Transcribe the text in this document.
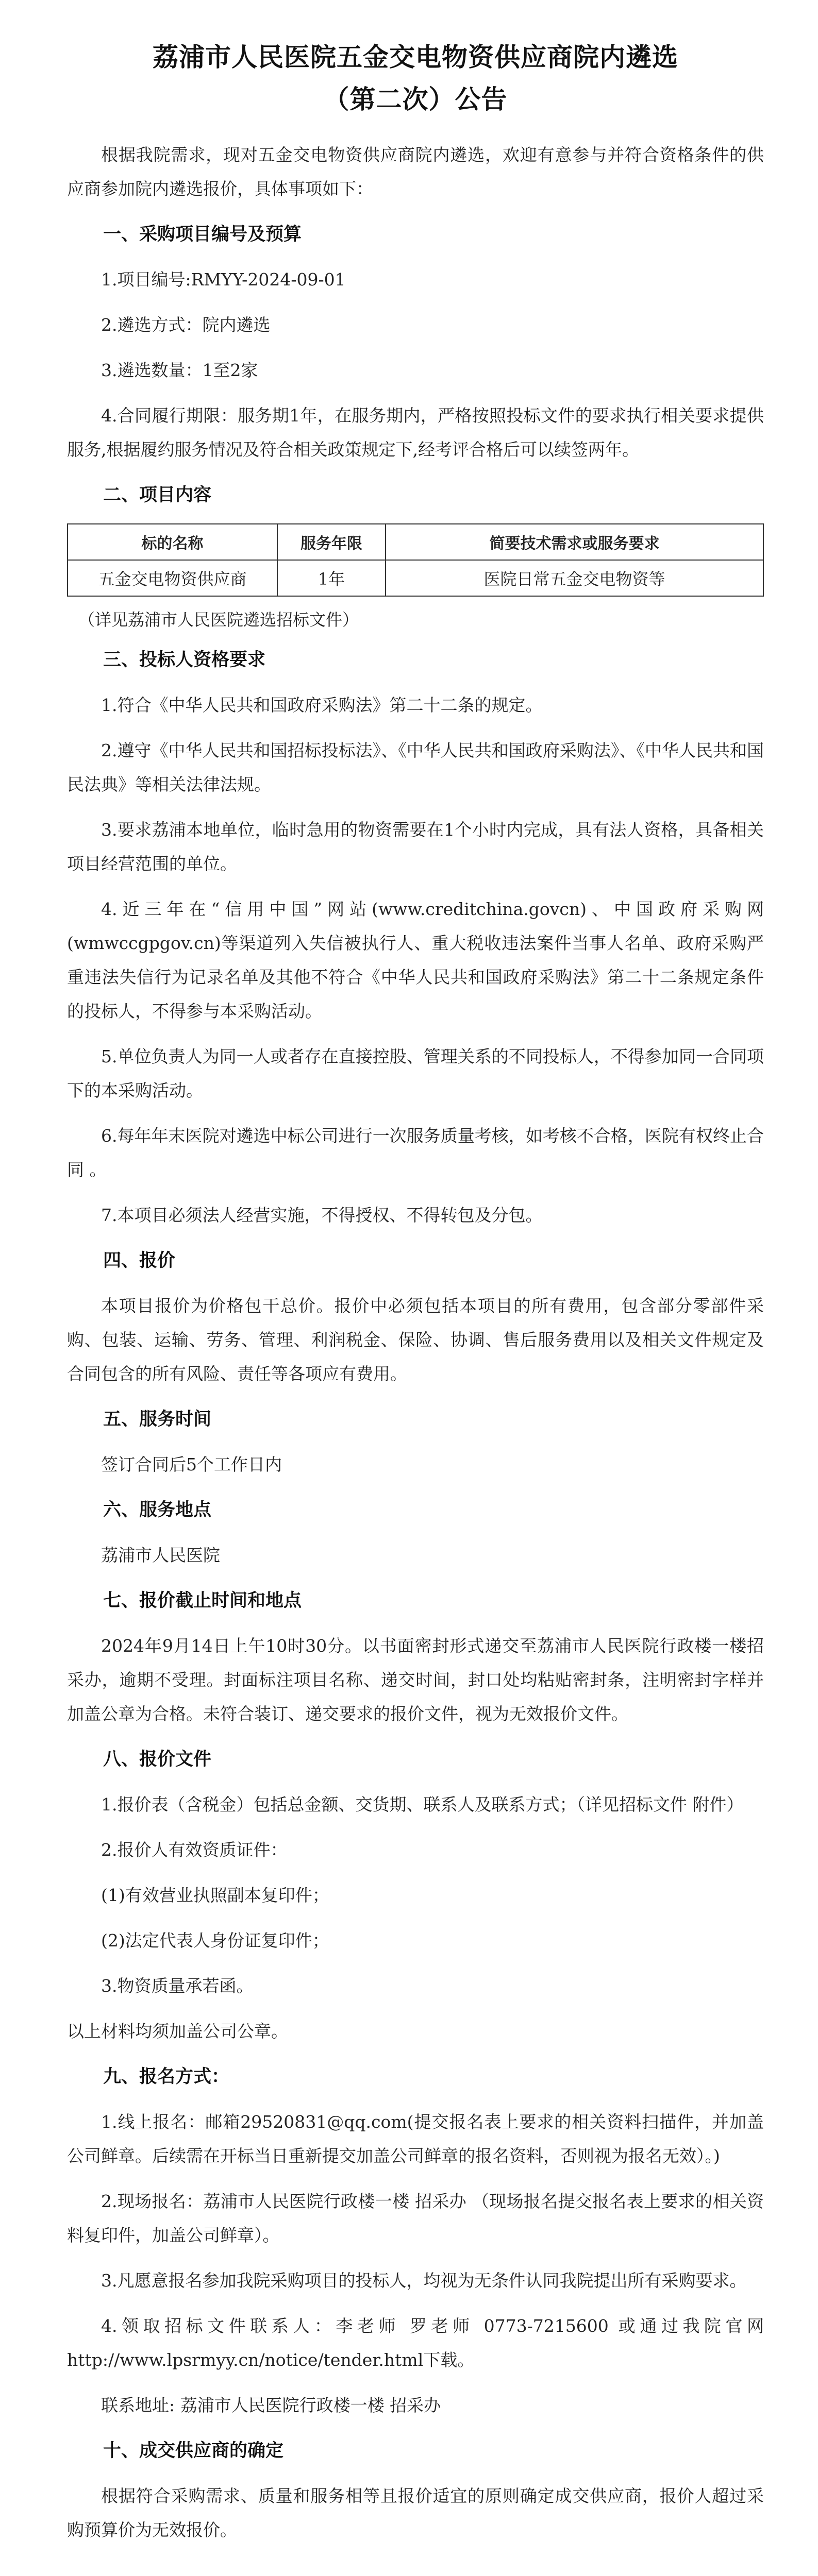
荔浦市人民医院五金交电物资供应商院内遴选
（第二次）公告

根据我院需求，现对五金交电物资供应商院内遴选，欢迎有意参与并符合资格条件的供应商参加院内遴选报价，具体事项如下：

一、采购项目编号及预算

1.项目编号:RMYY-2024-09-01

2.遴选方式：院内遴选

3.遴选数量：1至2家

4.合同履行期限：服务期1年，在服务期内，严格按照投标文件的要求执行相关要求提供服务,根据履约服务情况及符合相关政策规定下,经考评合格后可以续签两年。

二、项目内容
标的名称	服务年限	简要技术需求或服务要求
五金交电物资供应商	1年	医院日常五金交电物资等

（详见荔浦市人民医院遴选招标文件）

三、投标人资格要求

1.符合《中华人民共和国政府采购法》第二十二条的规定。

2.遵守《中华人民共和国招标投标法》、《中华人民共和国政府采购法》、《中华人民共和国民法典》等相关法律法规。

3.要求荔浦本地单位，临时急用的物资需要在1个小时内完成，具有法人资格，具备相关项目经营范围的单位。

4.近三年在“信用中国”网站(www.creditchina.govcn)、中国政府采购网(wmwccgpgov.cn)等渠道列入失信被执行人、重大税收违法案件当事人名单、政府采购严重违法失信行为记录名单及其他不符合《中华人民共和国政府采购法》第二十二条规定条件的投标人，不得参与本采购活动。

5.单位负责人为同一人或者存在直接控股、管理关系的不同投标人，不得参加同一合同项下的本采购活动。

6.每年年末医院对遴选中标公司进行一次服务质量考核，如考核不合格，医院有权终止合同 。

7.本项目必须法人经营实施，不得授权、不得转包及分包。

四、报价

本项目报价为价格包干总价。报价中必须包括本项目的所有费用，包含部分零部件采购、包装、运输、劳务、管理、利润税金、保险、协调、售后服务费用以及相关文件规定及合同包含的所有风险、责任等各项应有费用。

五、服务时间

签订合同后5个工作日内

六、服务地点

荔浦市人民医院

七、报价截止时间和地点

2024年9月14日上午10时30分。以书面密封形式递交至荔浦市人民医院行政楼一楼招采办，逾期不受理。封面标注项目名称、递交时间，封口处均粘贴密封条，注明密封字样并加盖公章为合格。未符合装订、递交要求的报价文件，视为无效报价文件。

八、报价文件

1.报价表（含税金）包括总金额、交货期、联系人及联系方式；（详见招标文件 附件）

2.报价人有效资质证件：

(1)有效营业执照副本复印件；

(2)法定代表人身份证复印件；

3.物资质量承若函。

以上材料均须加盖公司公章。

九、报名方式：

1.线上报名：邮箱29520831@qq.com(提交报名表上要求的相关资料扫描件，并加盖公司鲜章。后续需在开标当日重新提交加盖公司鲜章的报名资料，否则视为报名无效）。)

2.现场报名：荔浦市人民医院行政楼一楼 招采办 （现场报名提交报名表上要求的相关资料复印件，加盖公司鲜章）。

3.凡愿意报名参加我院采购项目的投标人，均视为无条件认同我院提出所有采购要求。

4.领取招标文件联系人：李老师 罗老师 0773-7215600 或通过我院官网http://www.lpsrmyy.cn/notice/tender.html下载。

联系地址: 荔浦市人民医院行政楼一楼 招采办

十、成交供应商的确定

根据符合采购需求、质量和服务相等且报价适宜的原则确定成交供应商，报价人超过采购预算价为无效报价。
